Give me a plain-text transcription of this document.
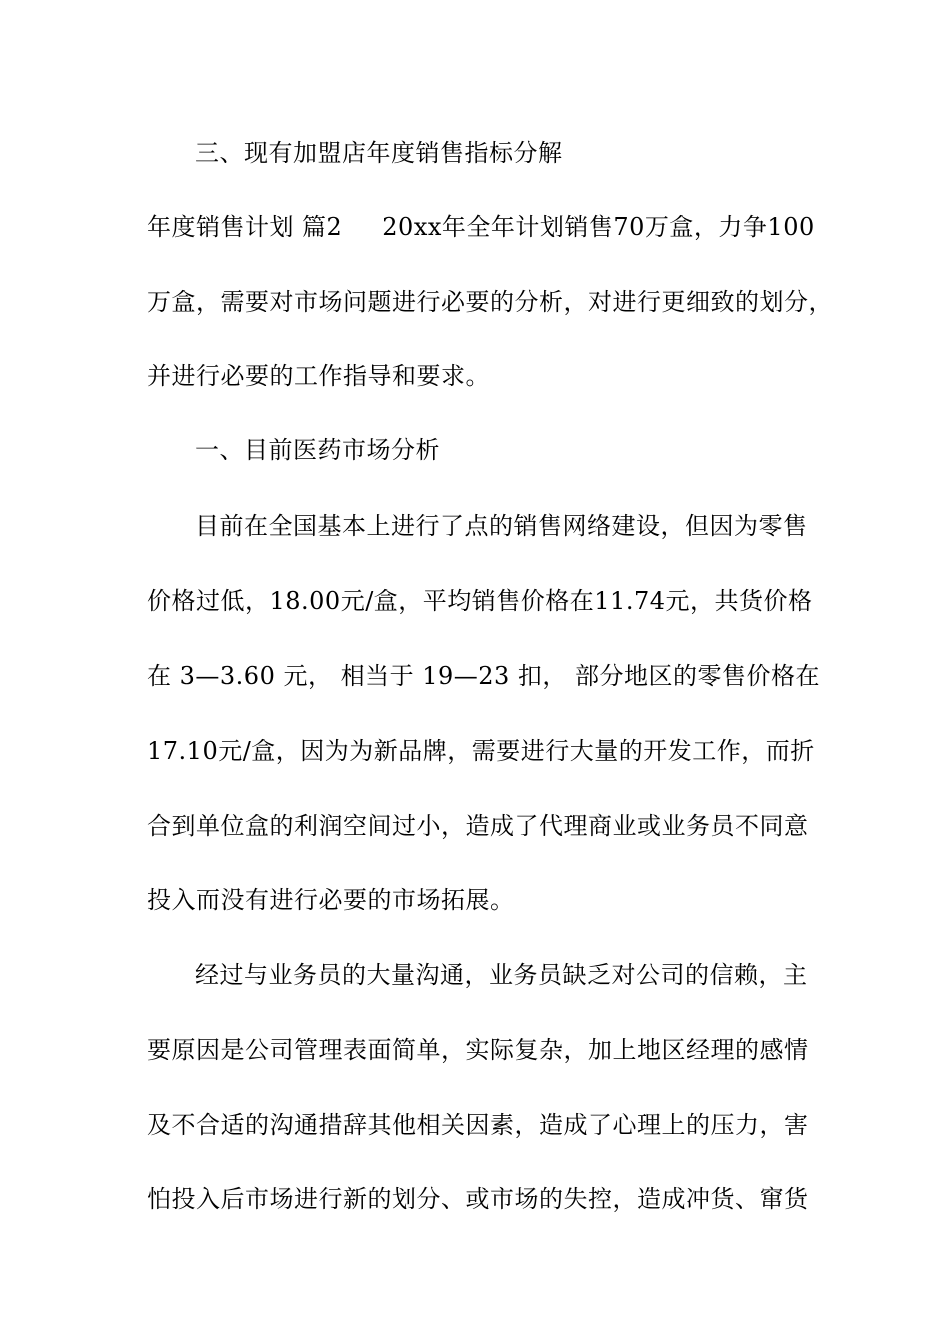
三、现有加盟店年度销售指标分解
年度销售计划 篇2 20xx年全年计划销售70万盒，力争100
万盒，需要对市场问题进行必要的分析，对进行更细致的划分，
并进行必要的工作指导和要求。
一、目前医药市场分析
目前在全国基本上进行了点的销售网络建设，但因为零售
价格过低，18.00元/盒，平均销售价格在11.74元，共货价格
在 3—3.60 元， 相当于 19—23 扣， 部分地区的零售价格在
17.10元/盒，因为为新品牌，需要进行大量的开发工作，而折
合到单位盒的利润空间过小，造成了代理商业或业务员不同意
投入而没有进行必要的市场拓展。
经过与业务员的大量沟通，业务员缺乏对公司的信赖，主
要原因是公司管理表面简单，实际复杂，加上地区经理的感情
及不合适的沟通措辞其他相关因素，造成了心理上的压力，害
怕投入后市场进行新的划分、或市场的失控，造成冲货、窜货
